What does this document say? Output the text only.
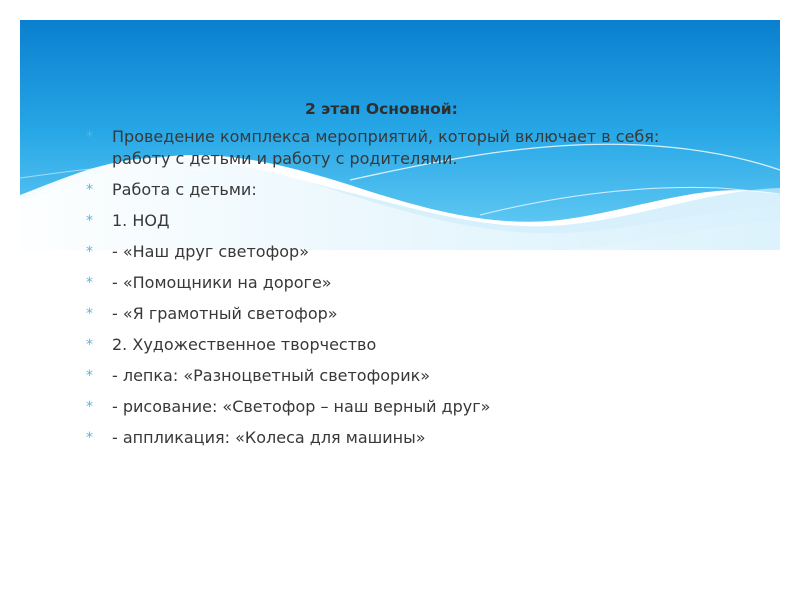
2 этап Основной:
* Проведение комплекса мероприятий, который включает в себя: работу с детьми и работу с родителями.
* Работа с детьми:
* 1. НОД
* - «Наш друг светофор»
* - «Помощники на дороге»
* - «Я грамотный светофор»
* 2. Художественное творчество
* - лепка: «Разноцветный светофорик»
* - рисование: «Светофор – наш верный друг»
* - аппликация: «Колеса для машины»
